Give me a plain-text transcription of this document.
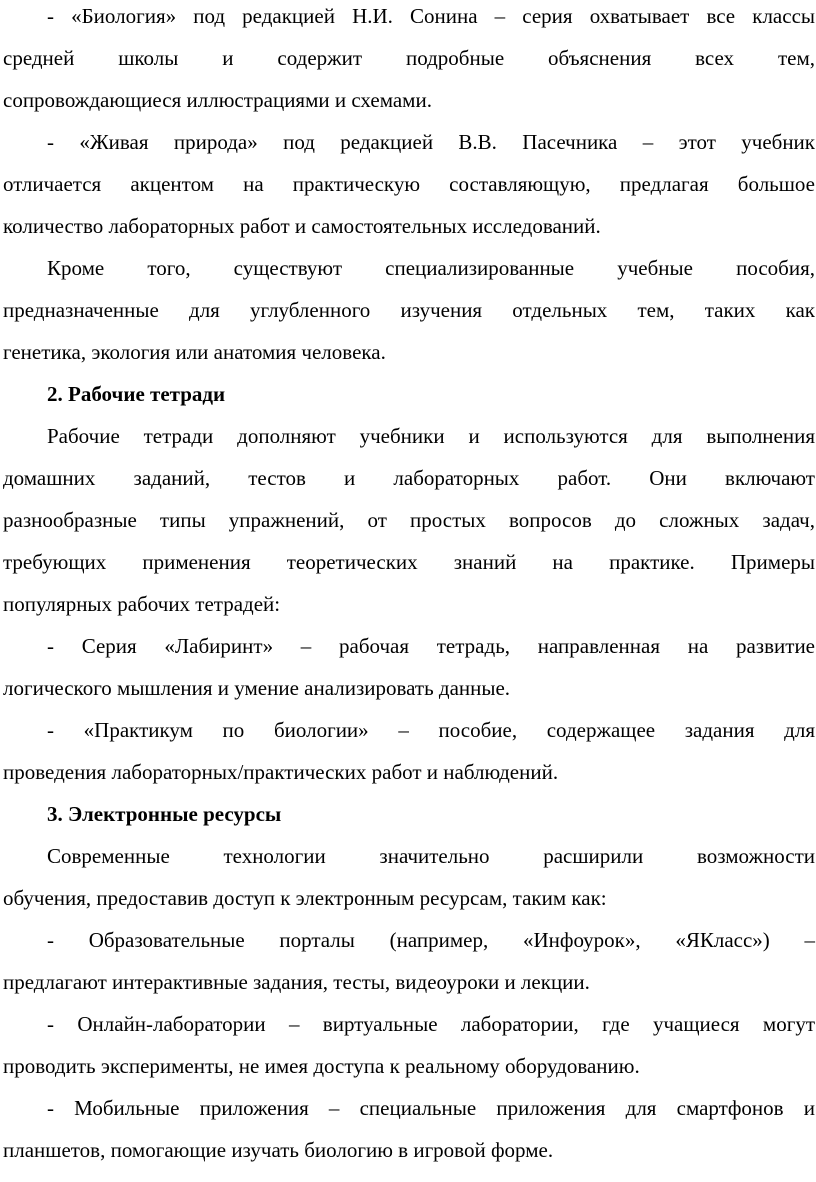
- «Биология» под редакцией Н.И. Сонина – серия охватывает все классы
средней школы и содержит подробные объяснения всех тем,
сопровождающиеся иллюстрациями и схемами.
- «Живая природа» под редакцией В.В. Пасечника – этот учебник
отличается акцентом на практическую составляющую, предлагая большое
количество лабораторных работ и самостоятельных исследований.
Кроме того, существуют специализированные учебные пособия,
предназначенные для углубленного изучения отдельных тем, таких как
генетика, экология или анатомия человека.
2. Рабочие тетради
Рабочие тетради дополняют учебники и используются для выполнения
домашних заданий, тестов и лабораторных работ. Они включают
разнообразные типы упражнений, от простых вопросов до сложных задач,
требующих применения теоретических знаний на практике. Примеры
популярных рабочих тетрадей:
- Серия «Лабиринт» – рабочая тетрадь, направленная на развитие
логического мышления и умение анализировать данные.
- «Практикум по биологии» – пособие, содержащее задания для
проведения лабораторных/практических работ и наблюдений.
3. Электронные ресурсы
Современные технологии значительно расширили возможности
обучения, предоставив доступ к электронным ресурсам, таким как:
- Образовательные порталы (например, «Инфоурок», «ЯКласс») –
предлагают интерактивные задания, тесты, видеоуроки и лекции.
- Онлайн-лаборатории – виртуальные лаборатории, где учащиеся могут
проводить эксперименты, не имея доступа к реальному оборудованию.
- Мобильные приложения – специальные приложения для смартфонов и
планшетов, помогающие изучать биологию в игровой форме.
